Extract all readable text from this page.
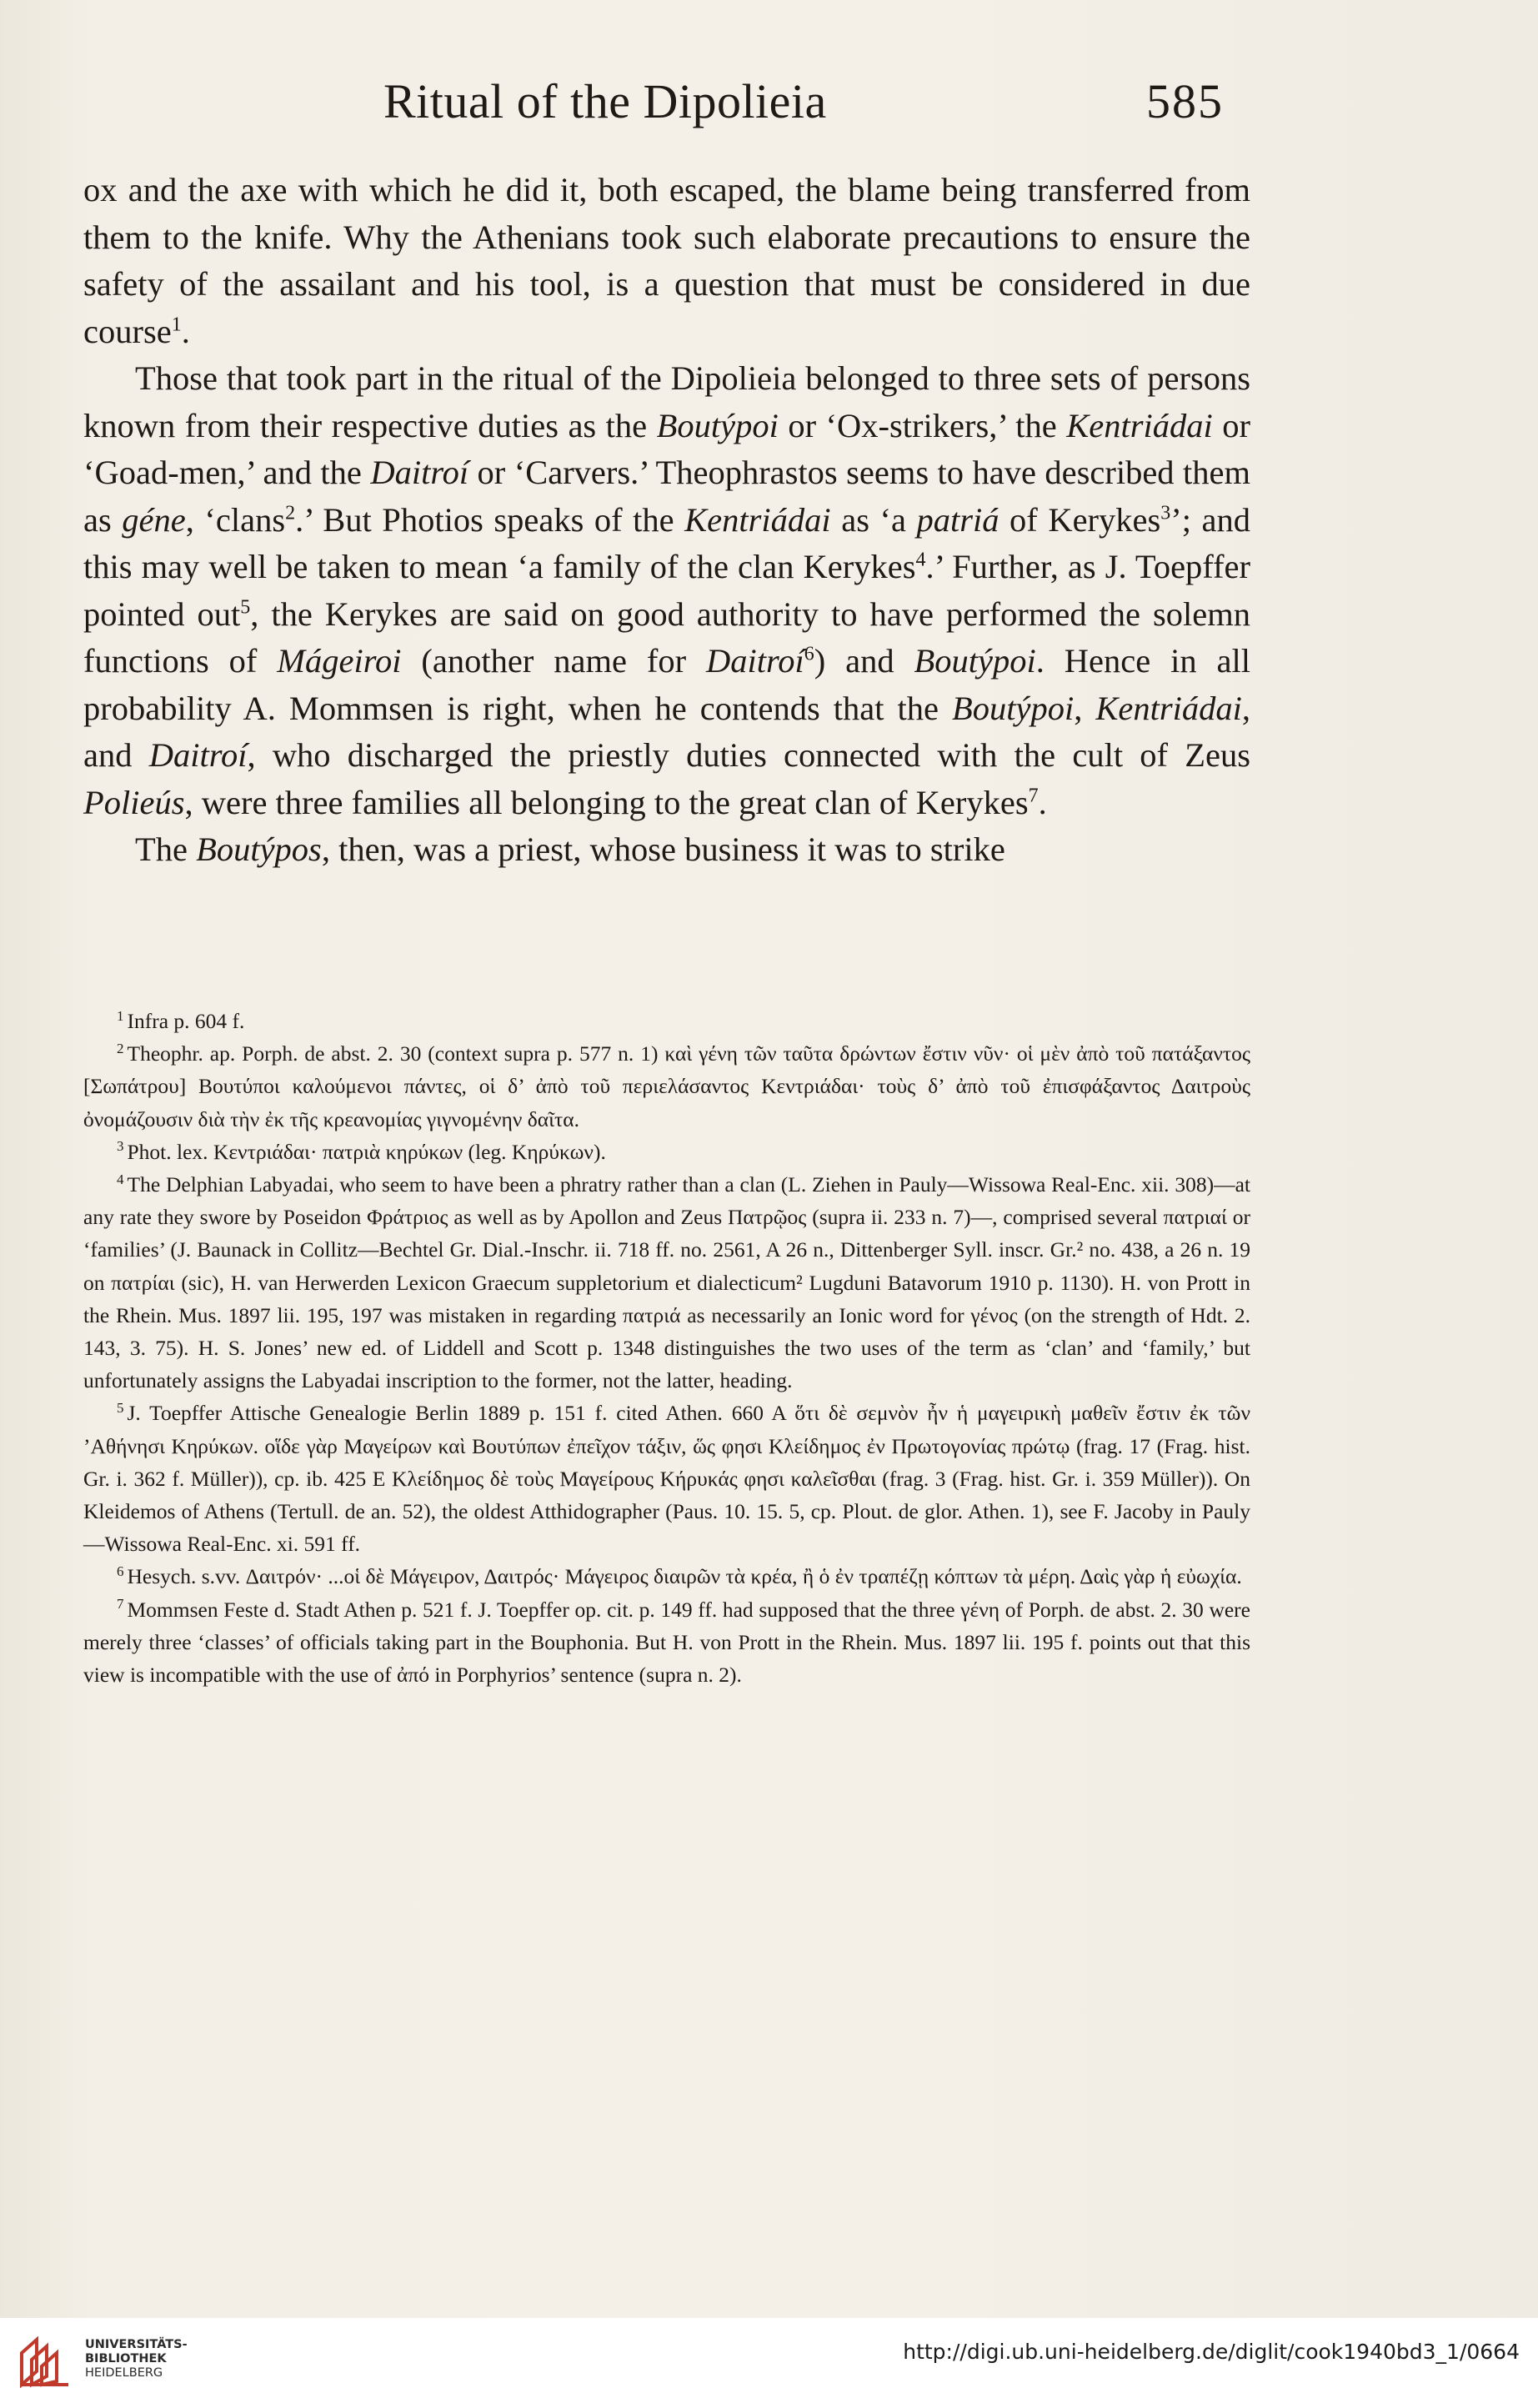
Ritual of the Dipolieia	585

ox and the axe with which he did it, both escaped, the blame being transferred from them to the knife. Why the Athenians took such elaborate precautions to ensure the safety of the assailant and his tool, is a question that must be considered in due course$^1$.

Those that took part in the ritual of the Dipolieia belonged to three sets of persons known from their respective duties as the Boutýpoi or ‘Ox-strikers,’ the Kentriádai or ‘Goad-men,’ and the Daitroí or ‘Carvers.’ Theophrastos seems to have described them as géne, ‘clans$^2$.’ But Photios speaks of the Kentriádai as ‘a patriá of Kerykes$^3$’; and this may well be taken to mean ‘a family of the clan Kerykes$^4$.’ Further, as J. Toepffer pointed out$^5$, the Kerykes are said on good authority to have performed the solemn functions of Mágeiroi (another name for Daitroí$^6$) and Boutýpoi. Hence in all probability A. Mommsen is right, when he contends that the Boutýpoi, Kentriádai, and Daitroí, who discharged the priestly duties connected with the cult of Zeus Polieús, were three families all belonging to the great clan of Kerykes$^7$.

The Boutýpos, then, was a priest, whose business it was to strike

$^1$ Infra p. 604 f.

$^2$ Theophr. ap. Porph. de abst. 2. 30 (context supra p. 577 n. 1) καὶ γένη τῶν ταῦτα δρώντων ἔστιν νῦν· οἱ μὲν ἀπὸ τοῦ πατάξαντος [Σωπάτρου] Βουτύποι καλούμενοι πάντες, οἱ δ’ ἀπὸ τοῦ περιελάσαντος Κεντριάδαι· τοὺς δ’ ἀπὸ τοῦ ἐπισφάξαντος Δαιτροὺς ὀνομάζουσιν διὰ τὴν ἐκ τῆς κρεανομίας γιγνομένην δαῖτα.

$^3$ Phot. lex. Κεντριάδαι· πατριὰ κηρύκων (leg. Κηρύκων).

$^4$ The Delphian Labyadai, who seem to have been a phratry rather than a clan (L. Ziehen in Pauly—Wissowa Real-Enc. xii. 308)—at any rate they swore by Poseidon Φράτριος as well as by Apollon and Zeus Πατρῷος (supra ii. 233 n. 7)—, comprised several πατριαί or ‘families’ (J. Baunack in Collitz—Bechtel Gr. Dial.-Inschr. ii. 718 ff. no. 2561, A 26 n., Dittenberger Syll. inscr. Gr.² no. 438, a 26 n. 19 on πατρίαι (sic), H. van Herwerden Lexicon Graecum suppletorium et dialecticum² Lugduni Batavorum 1910 p. 1130). H. von Prott in the Rhein. Mus. 1897 lii. 195, 197 was mistaken in regarding πατριά as necessarily an Ionic word for γένος (on the strength of Hdt. 2. 143, 3. 75). H. S. Jones’ new ed. of Liddell and Scott p. 1348 distinguishes the two uses of the term as ‘clan’ and ‘family,’ but unfortunately assigns the Labyadai inscription to the former, not the latter, heading.

$^5$ J. Toepffer Attische Genealogie Berlin 1889 p. 151 f. cited Athen. 660 A ὅτι δὲ σεμνὸν ἦν ἡ μαγειρικὴ μαθεῖν ἔστιν ἐκ τῶν ’Αθήνησι Κηρύκων. οἵδε γὰρ Μαγείρων καὶ Βουτύπων ἐπεῖχον τάξιν, ὥς φησι Κλείδημος ἐν Πρωτογονίας πρώτῳ (frag. 17 (Frag. hist. Gr. i. 362 f. Müller)), cp. ib. 425 E Κλείδημος δὲ τοὺς Μαγείρους Κήρυκάς φησι καλεῖσθαι (frag. 3 (Frag. hist. Gr. i. 359 Müller)). On Kleidemos of Athens (Tertull. de an. 52), the oldest Atthidographer (Paus. 10. 15. 5, cp. Plout. de glor. Athen. 1), see F. Jacoby in Pauly—Wissowa Real-Enc. xi. 591 ff.

$^6$ Hesych. s.vv. Δαιτρόν· ...οἱ δὲ Μάγειρον, Δαιτρός· Μάγειρος διαιρῶν τὰ κρέα, ἢ ὁ ἐν τραπέζῃ κόπτων τὰ μέρη. Δαὶς γὰρ ἡ εὐωχία.

$^7$ Mommsen Feste d. Stadt Athen p. 521 f. J. Toepffer op. cit. p. 149 ff. had supposed that the three γένη of Porph. de abst. 2. 30 were merely three ‘classes’ of officials taking part in the Bouphonia. But H. von Prott in the Rhein. Mus. 1897 lii. 195 f. points out that this view is incompatible with the use of ἀπό in Porphyrios’ sentence (supra n. 2).

UNIVERSITÄTS-
BIBLIOTHEK
HEIDELBERG
http://digi.ub.uni-heidelberg.de/diglit/cook1940bd3_1/0664
